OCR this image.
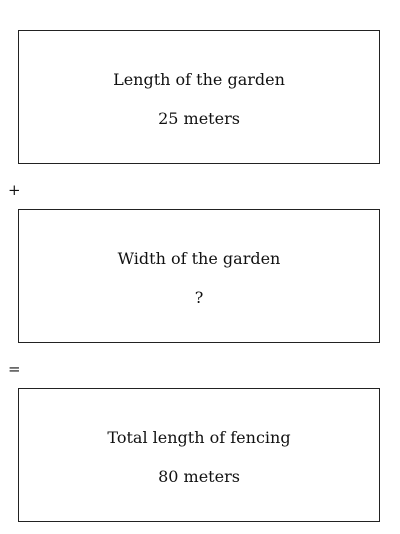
Length of the garden
25 meters
+
Width of the garden
?
=
Total length of fencing
80 meters
